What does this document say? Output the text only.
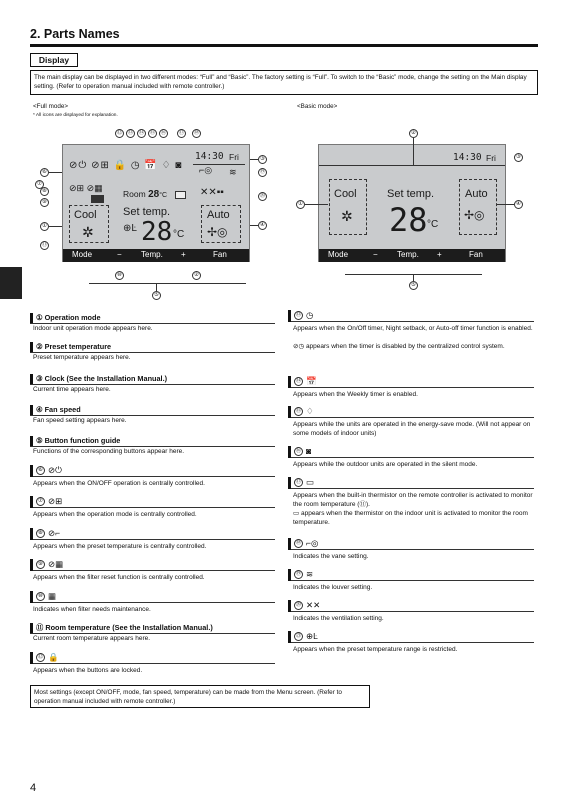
2. Parts Names
Display
The main display can be displayed in two different modes: “Full” and “Basic”. The factory setting is “Full”. To switch to the “Basic” mode, change the setting on the Main display setting. (Refer to operation manual included with remote controller.)
<Full mode>
* All icons are displayed for explanation.
14:30 Fri
⊘⏻ ⊘⊞ 🔒 ◷ 📅 ♢ ◙
⊘⊞ ⊘▦
Room 28°C	✕✕▪▪
⌐◎ ≋
Cool
✲
Set temp.
⊕Ŀ 28 °C
Auto
✢◎
Mode	− Temp. +	Fan
⑫ ⑬ ⑭ ⑮ ⑯	⑰	⑱
③
⑲
⑳
④
⑥
⑦
⑧
⑨
①
⑪
⑩	②
⑤
<Basic mode>
14:30 Fri
Cool
✲
Set temp.
28 °C
Auto
✢◎
Mode	− Temp. +	Fan
②
③
①	④
⑤
① Operation mode
Indoor unit operation mode appears here.
② Preset temperature
Preset temperature appears here.
③ Clock (See the Installation Manual.)
Current time appears here.
④ Fan speed
Fan speed setting appears here.
⑤ Button function guide
Functions of the corresponding buttons appear here.
⑥ ⊘⏻
Appears when the ON/OFF operation is centrally controlled.
⑦ ⊘⊞
Appears when the operation mode is centrally controlled.
⑧ ⊘⌐
Appears when the preset temperature is centrally controlled.
⑨ ⊘▦
Appears when the filter reset function is centrally controlled.
⑩ ▦
Indicates when filter needs maintenance.
⑪ Room temperature (See the Installation Manual.)
Current room temperature appears here.
⑫ 🔒
Appears when the buttons are locked.
⑬ ◷
Appears when the On/Off timer, Night setback, or Auto-off timer function is enabled.
⊘◷ appears when the timer is disabled by the centralized control system.
⑭ 📅
Appears when the Weekly timer is enabled.
⑮ ♢
Appears while the units are operated in the energy-save mode. (Will not appear on some models of indoor units)
⑯ ◙
Appears while the outdoor units are operated in the silent mode.
⑰ ▭
Appears when the built-in thermistor on the remote controller is activated to monitor the room temperature (⑪).
▭ appears when the thermistor on the indoor unit is activated to monitor the room temperature.
⑱ ⌐◎
Indicates the vane setting.
⑲ ≋
Indicates the louver setting.
⑳ ✕✕
Indicates the ventilation setting.
㉑ ⊕Ŀ
Appears when the preset temperature range is restricted.
Most settings (except ON/OFF, mode, fan speed, temperature) can be made from the Menu screen. (Refer to operation manual included with remote controller.)
4
